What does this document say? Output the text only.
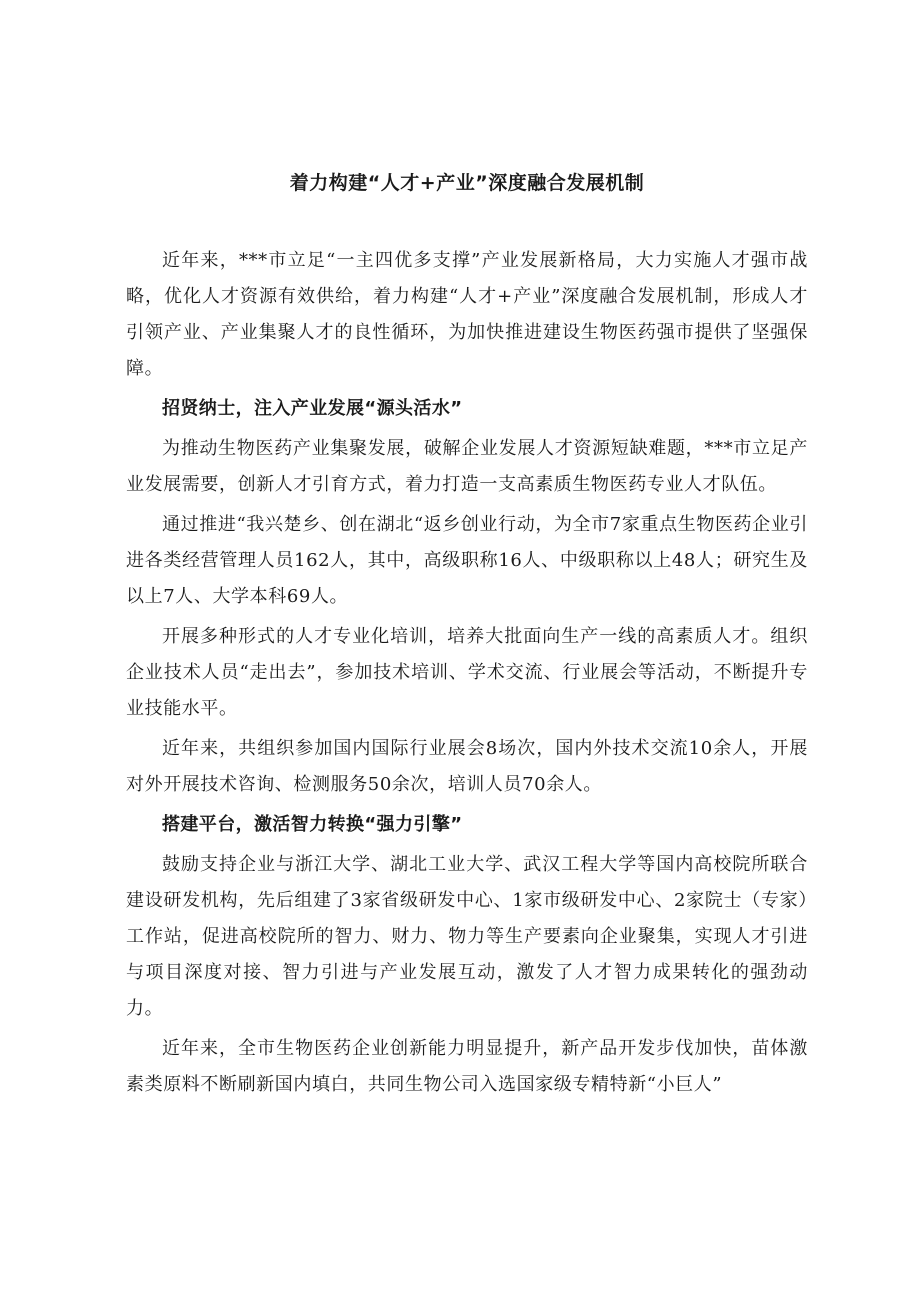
着力构建“人才+产业”深度融合发展机制

近年来，***市立足“一主四优多支撑”产业发展新格局，大力实施人才强市战略，优化人才资源有效供给，着力构建“人才+产业”深度融合发展机制，形成人才引领产业、产业集聚人才的良性循环，为加快推进建设生物医药强市提供了坚强保障。

招贤纳士，注入产业发展“源头活水”

为推动生物医药产业集聚发展，破解企业发展人才资源短缺难题，***市立足产业发展需要，创新人才引育方式，着力打造一支高素质生物医药专业人才队伍。

通过推进“我兴楚乡、创在湖北“返乡创业行动，为全市7家重点生物医药企业引进各类经营管理人员162人，其中，高级职称16人、中级职称以上48人；研究生及以上7人、大学本科69人。

开展多种形式的人才专业化培训，培养大批面向生产一线的高素质人才。组织企业技术人员“走出去”，参加技术培训、学术交流、行业展会等活动，不断提升专业技能水平。

近年来，共组织参加国内国际行业展会8场次，国内外技术交流10余人，开展对外开展技术咨询、检测服务50余次，培训人员70余人。

搭建平台，激活智力转换“强力引擎”

鼓励支持企业与浙江大学、湖北工业大学、武汉工程大学等国内高校院所联合建设研发机构，先后组建了3家省级研发中心、1家市级研发中心、2家院士（专家）工作站，促进高校院所的智力、财力、物力等生产要素向企业聚集，实现人才引进与项目深度对接、智力引进与产业发展互动，激发了人才智力成果转化的强劲动力。

近年来，全市生物医药企业创新能力明显提升，新产品开发步伐加快，苗体激素类原料不断刷新国内填白，共同生物公司入选国家级专精特新“小巨人”
